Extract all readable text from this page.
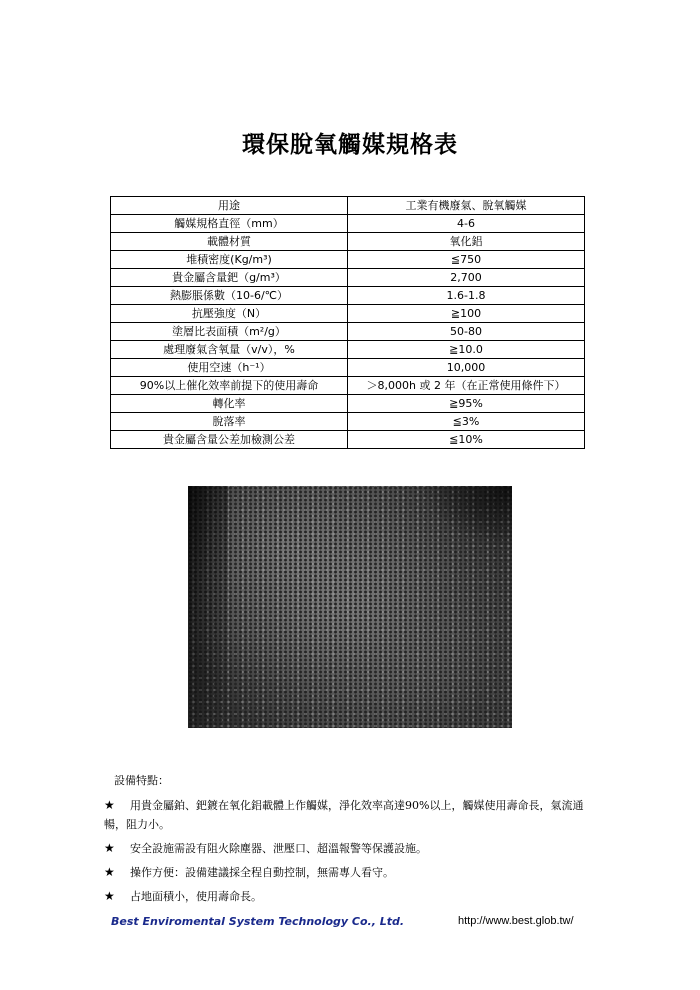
環保脫氧觸媒規格表
用途	工業有機廢氣、脫氧觸媒
觸媒規格直徑（mm）	4-6
載體材質	氧化鋁
堆積密度(Kg/m³)	≦750
貴金屬含量鈀（g/m³）	2,700
熱膨脹係數（10-6/℃）	1.6-1.8
抗壓強度（N）	≧100
塗層比表面積（m²/g）	50-80
處理廢氣含氧量（v/v），%	≧10.0
使用空速（h⁻¹）	10,000
90%以上催化效率前提下的使用壽命	＞8,000h 或 2 年（在正常使用條件下）
轉化率	≧95%
脫落率	≦3%
貴金屬含量公差加檢測公差	≦10%
設備特點：
★ 用貴金屬鉑、鈀鍍在氧化鋁載體上作觸媒，淨化效率高達90%以上，觸媒使用壽命長，氣流通暢，阻力小。
★ 安全設施需設有阻火除塵器、泄壓口、超溫報警等保護設施。
★ 操作方便：設備建議採全程自動控制，無需專人看守。
★ 占地面積小，使用壽命長。
Best Enviromental System Technology Co., Ltd.	http://www.best.glob.tw/
